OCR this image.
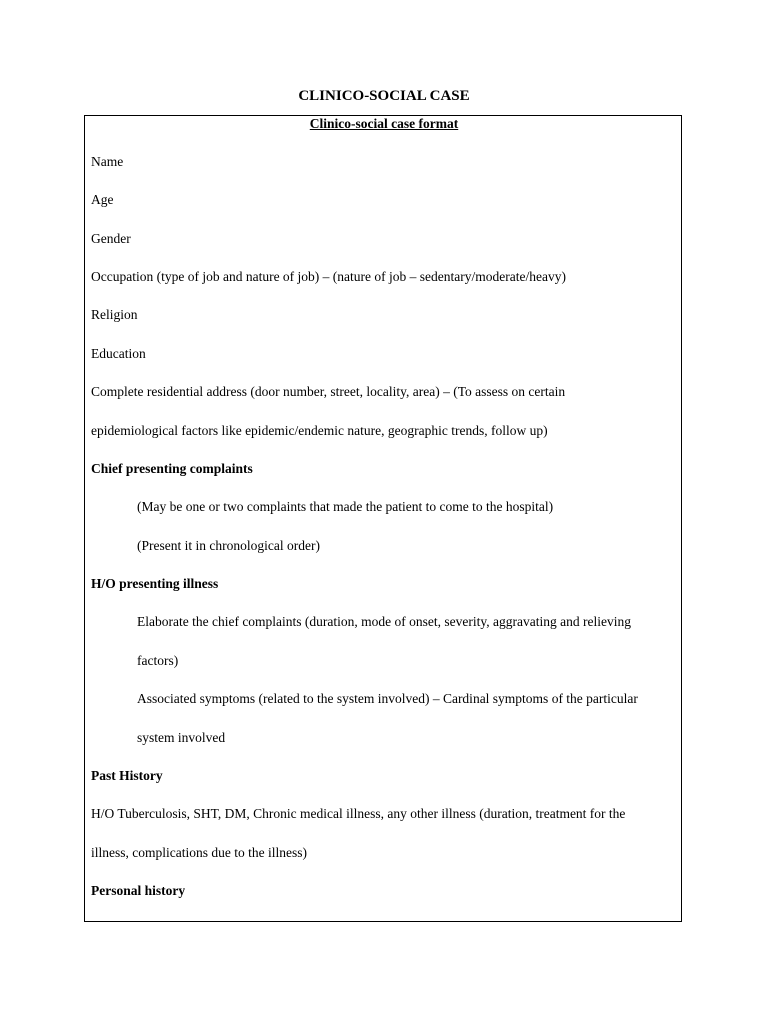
CLINICO-SOCIAL CASE
Clinico-social case format
Name
Age
Gender
Occupation (type of job and nature of job) – (nature of job – sedentary/moderate/heavy)
Religion
Education
Complete residential address (door number, street, locality, area) – (To assess on certain
epidemiological factors like epidemic/endemic nature, geographic trends, follow up)
Chief presenting complaints
(May be one or two complaints that made the patient to come to the hospital)
(Present it in chronological order)
H/O presenting illness
Elaborate the chief complaints (duration, mode of onset, severity, aggravating and relieving
factors)
Associated symptoms (related to the system involved) – Cardinal symptoms of the particular
system involved
Past History
H/O Tuberculosis, SHT, DM, Chronic medical illness, any other illness (duration, treatment for the
illness, complications due to the illness)
Personal history
